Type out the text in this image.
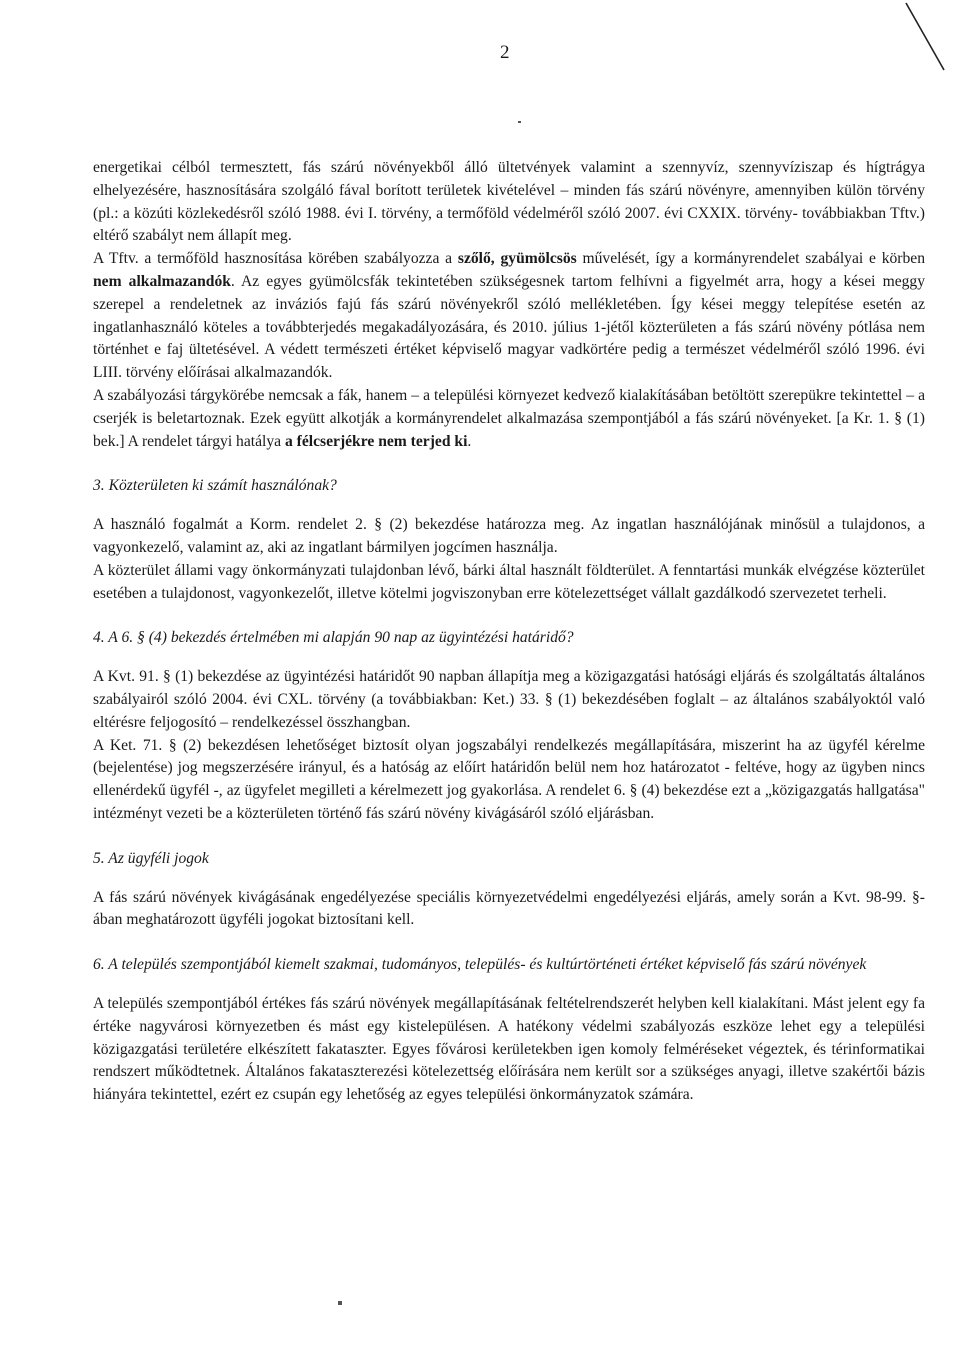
2

energetikai célból termesztett, fás szárú növényekből álló ültetvények valamint a szennyvíz, szennyvíziszap és hígtrágya elhelyezésére, hasznosítására szolgáló fával borított területek kivételével – minden fás szárú növényre, amennyiben külön törvény (pl.: a közúti közlekedésről szóló 1988. évi I. törvény, a termőföld védelméről szóló 2007. évi CXXIX. törvény- továbbiakban Tftv.) eltérő szabályt nem állapít meg.

A Tftv. a termőföld hasznosítása körében szabályozza a szőlő, gyümölcsös művelését, így a kormányrendelet szabályai e körben nem alkalmazandók. Az egyes gyümölcsfák tekintetében szükségesnek tartom felhívni a figyelmét arra, hogy a kései meggy szerepel a rendeletnek az inváziós fajú fás szárú növényekről szóló mellékletében. Így kései meggy telepítése esetén az ingatlanhasználó köteles a továbbterjedés megakadályozására, és 2010. július 1-jétől közterületen a fás szárú növény pótlása nem történhet e faj ültetésével. A védett természeti értéket képviselő magyar vadkörtére pedig a természet védelméről szóló 1996. évi LIII. törvény előírásai alkalmazandók.

A szabályozási tárgykörébe nemcsak a fák, hanem – a települési környezet kedvező kialakításában betöltött szerepükre tekintettel – a cserjék is beletartoznak. Ezek együtt alkotják a kormányrendelet alkalmazása szempontjából a fás szárú növényeket. [a Kr. 1. § (1) bek.] A rendelet tárgyi hatálya a félcserjékre nem terjed ki.

3. Közterületen ki számít használónak?

A használó fogalmát a Korm. rendelet 2. § (2) bekezdése határozza meg. Az ingatlan használójának minősül a tulajdonos, a vagyonkezelő, valamint az, aki az ingatlant bármilyen jogcímen használja.

A közterület állami vagy önkormányzati tulajdonban lévő, bárki által használt földterület. A fenntartási munkák elvégzése közterület esetében a tulajdonost, vagyonkezelőt, illetve kötelmi jogviszonyban erre kötelezettséget vállalt gazdálkodó szervezetet terheli.

4. A 6. § (4) bekezdés értelmében mi alapján 90 nap az ügyintézési határidő?

A Kvt. 91. § (1) bekezdése az ügyintézési határidőt 90 napban állapítja meg a közigazgatási hatósági eljárás és szolgáltatás általános szabályairól szóló 2004. évi CXL. törvény (a továbbiakban: Ket.) 33. § (1) bekezdésében foglalt – az általános szabályoktól való eltérésre feljogosító – rendelkezéssel összhangban.

A Ket. 71. § (2) bekezdésen lehetőséget biztosít olyan jogszabályi rendelkezés megállapítására, miszerint ha az ügyfél kérelme (bejelentése) jog megszerzésére irányul, és a hatóság az előírt határidőn belül nem hoz határozatot - feltéve, hogy az ügyben nincs ellenérdekű ügyfél -, az ügyfelet megilleti a kérelmezett jog gyakorlása. A rendelet 6. § (4) bekezdése ezt a „közigazgatás hallgatása" intézményt vezeti be a közterületen történő fás szárú növény kivágásáról szóló eljárásban.

5. Az ügyféli jogok

A fás szárú növények kivágásának engedélyezése speciális környezetvédelmi engedélyezési eljárás, amely során a Kvt. 98-99. §-ában meghatározott ügyféli jogokat biztosítani kell.

6. A település szempontjából kiemelt szakmai, tudományos, település- és kultúrtörténeti értéket képviselő fás szárú növények

A település szempontjából értékes fás szárú növények megállapításának feltételrendszerét helyben kell kialakítani. Mást jelent egy fa értéke nagyvárosi környezetben és mást egy kistelepülésen. A hatékony védelmi szabályozás eszköze lehet egy a települési közigazgatási területére elkészített fakataszter. Egyes fővárosi kerületekben igen komoly felméréseket végeztek, és térinformatikai rendszert működtetnek. Általános fakataszterezési kötelezettség előírására nem került sor a szükséges anyagi, illetve szakértői bázis hiányára tekintettel, ezért ez csupán egy lehetőség az egyes települési önkormányzatok számára.
